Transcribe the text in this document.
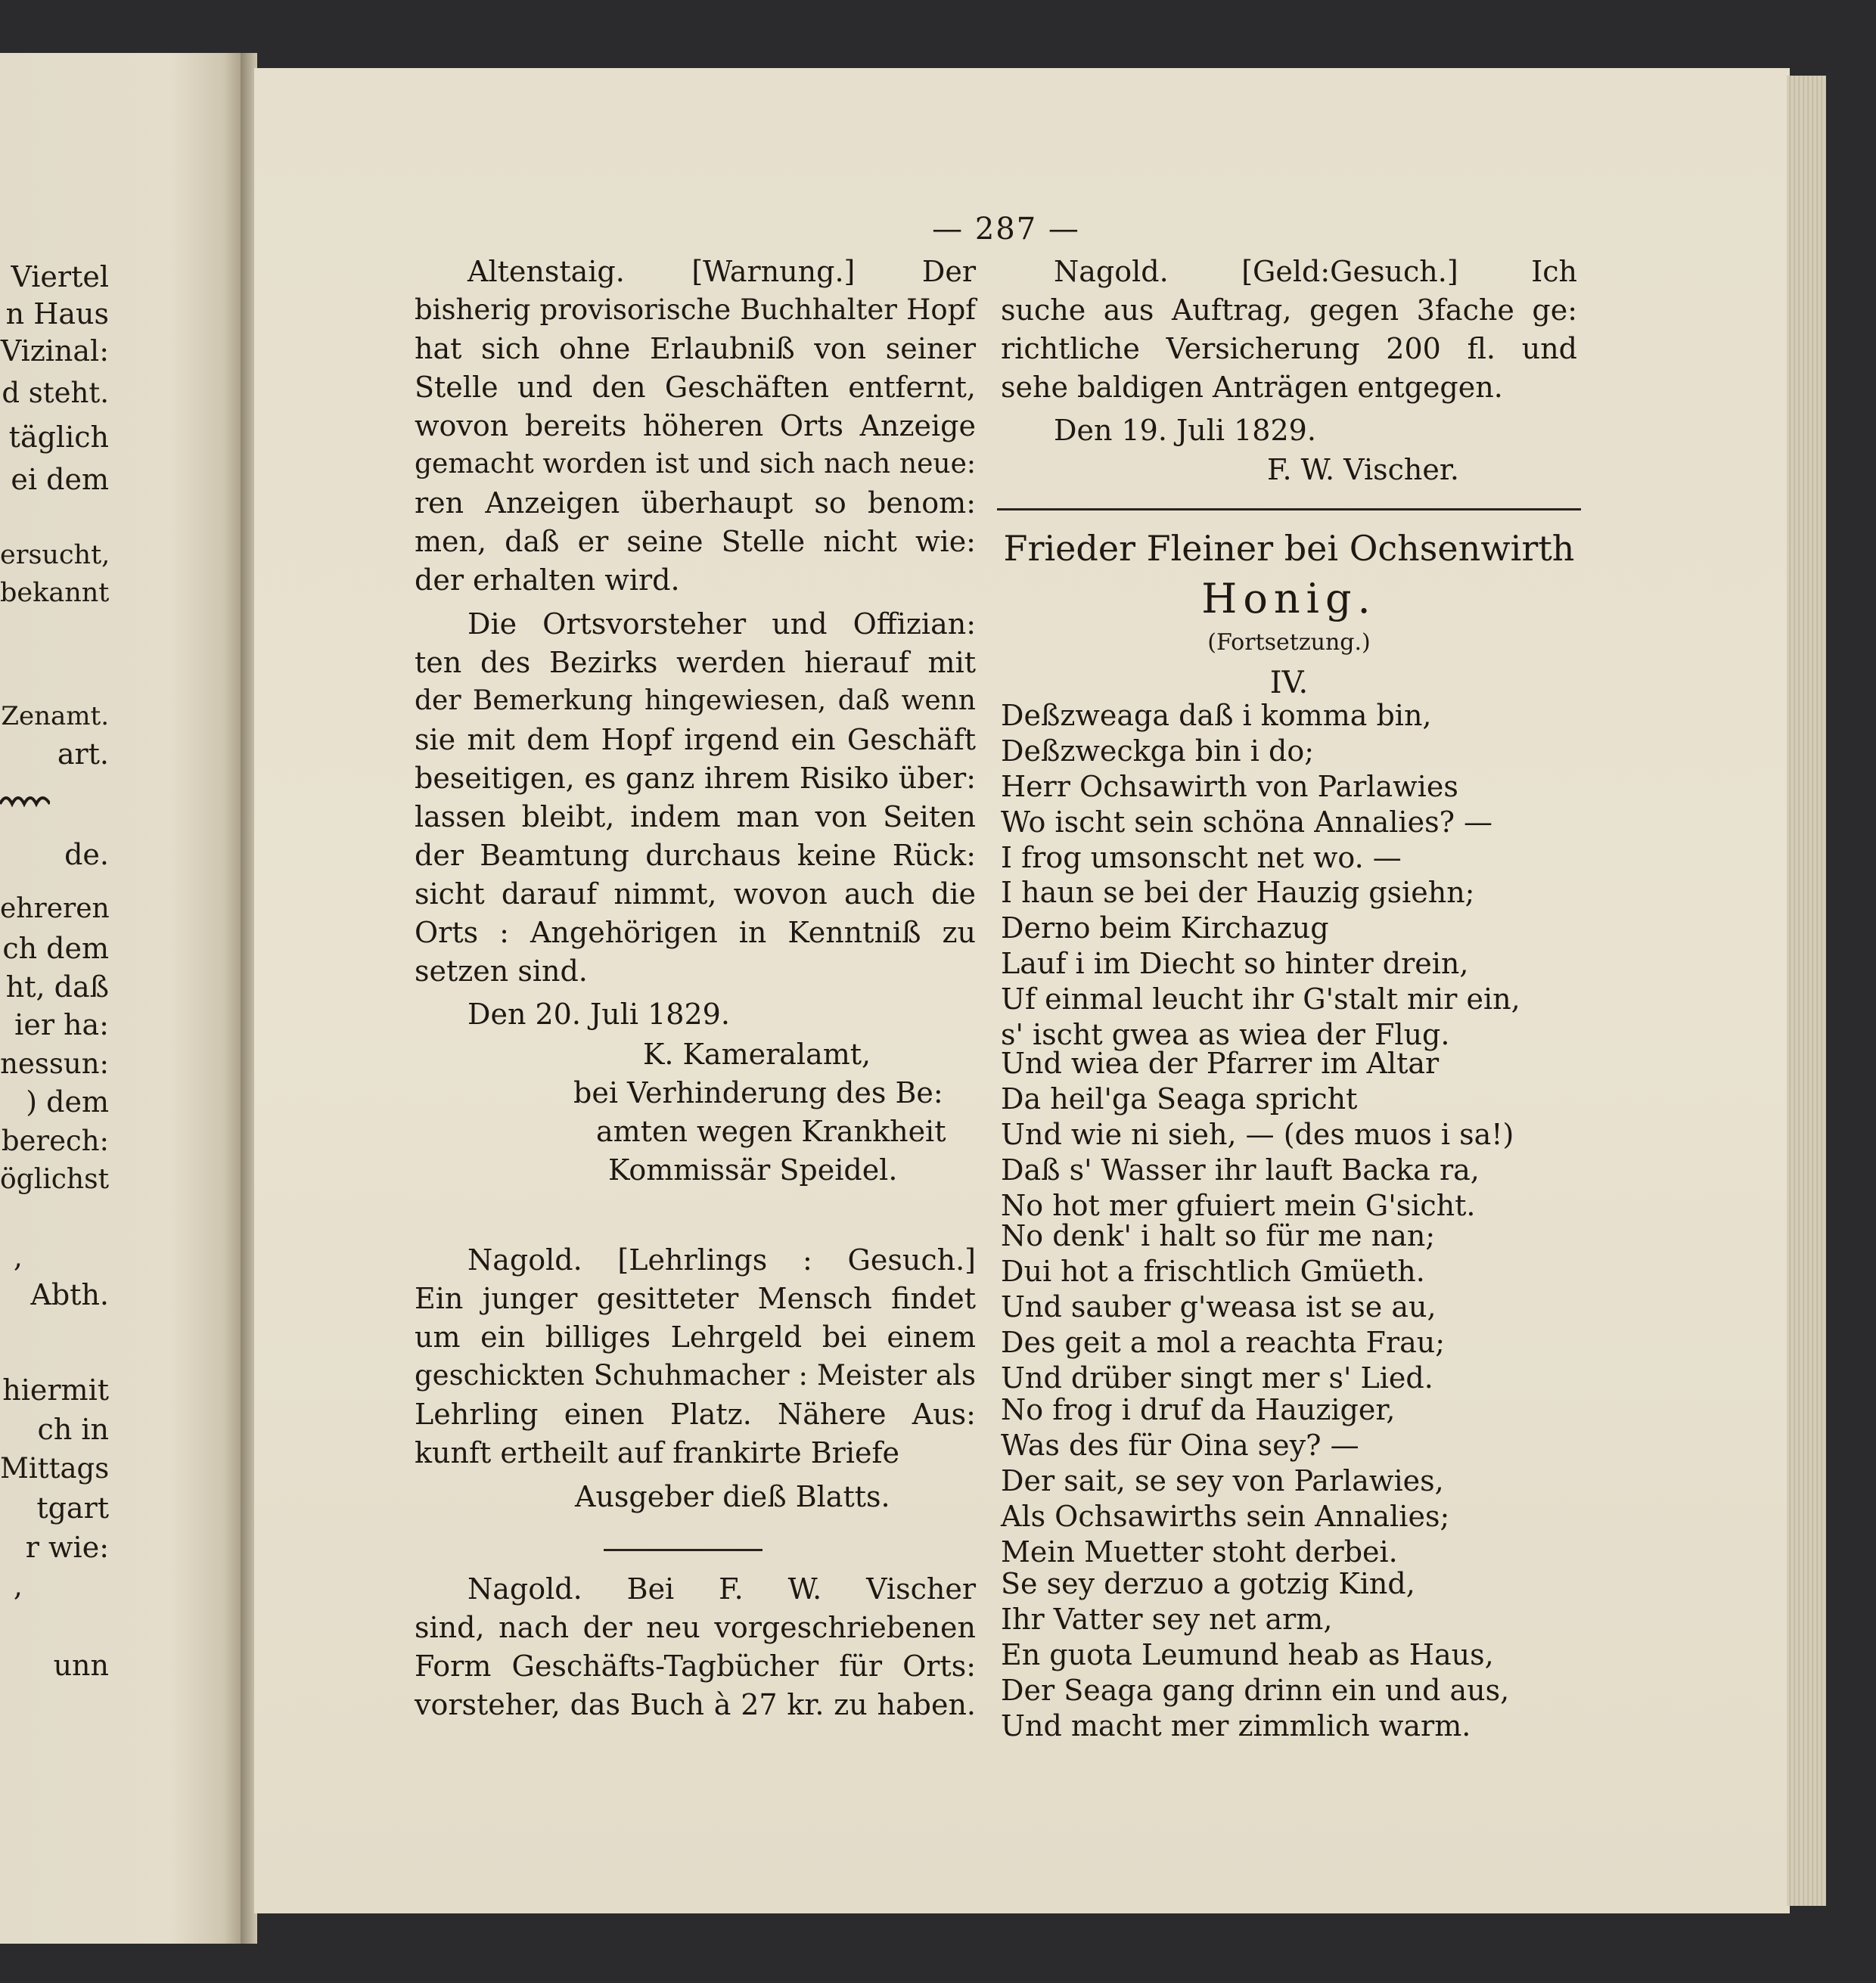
Viertel
n Haus
Vizinal:
d steht.
täglich
ei dem
ersucht,
bekannt
Zenamt.
art.
de.
ehreren
ch dem
ht, daß
ier ha:
nessun:
) dem
berech:
öglichst
,
Abth.
hiermit
ch in
Mittags
tgart
r wie:
,
unn
— 287 —
Altenstaig. [Warnung.] Der
bisherig provisorische Buchhalter Hopf
hat sich ohne Erlaubniß von seiner
Stelle und den Geschäften entfernt,
wovon bereits höheren Orts Anzeige
gemacht worden ist und sich nach neue:
ren Anzeigen überhaupt so benom:
men, daß er seine Stelle nicht wie:
der erhalten wird.
Die Ortsvorsteher und Offizian:
ten des Bezirks werden hierauf mit
der Bemerkung hingewiesen, daß wenn
sie mit dem Hopf irgend ein Geschäft
beseitigen, es ganz ihrem Risiko über:
lassen bleibt, indem man von Seiten
der Beamtung durchaus keine Rück:
sicht darauf nimmt, wovon auch die
Orts : Angehörigen in Kenntniß zu
setzen sind.
Den 20. Juli 1829.
K. Kameralamt,
bei Verhinderung des Be:
amten wegen Krankheit
Kommissär Speidel.
Nagold. [Lehrlings : Gesuch.]
Ein junger gesitteter Mensch findet
um ein billiges Lehrgeld bei einem
geschickten Schuhmacher : Meister als
Lehrling einen Platz. Nähere Aus:
kunft ertheilt auf frankirte Briefe
Ausgeber dieß Blatts.
Nagold. Bei F. W. Vischer
sind, nach der neu vorgeschriebenen
Form Geschäfts-Tagbücher für Orts:
vorsteher, das Buch à 27 kr. zu haben.
Nagold. [Geld:Gesuch.] Ich
suche aus Auftrag, gegen 3fache ge:
richtliche Versicherung 200 fl. und
sehe baldigen Anträgen entgegen.
Den 19. Juli 1829.
F. W. Vischer.
Frieder Fleiner bei Ochsenwirth
Honig.
(Fortsetzung.)
IV.
Deßzweaga daß i komma bin,
Deßzweckga bin i do;
Herr Ochsawirth von Parlawies
Wo ischt sein schöna Annalies? —
I frog umsonscht net wo. —
I haun se bei der Hauzig gsiehn;
Derno beim Kirchazug
Lauf i im Diecht so hinter drein,
Uf einmal leucht ihr G'stalt mir ein,
s' ischt gwea as wiea der Flug.
Und wiea der Pfarrer im Altar
Da heil'ga Seaga spricht
Und wie ni sieh, — (des muos i sa!)
Daß s' Wasser ihr lauft Backa ra,
No hot mer gfuiert mein G'sicht.
No denk' i halt so für me nan;
Dui hot a frischtlich Gmüeth.
Und sauber g'weasa ist se au,
Des geit a mol a reachta Frau;
Und drüber singt mer s' Lied.
No frog i druf da Hauziger,
Was des für Oina sey? —
Der sait, se sey von Parlawies,
Als Ochsawirths sein Annalies;
Mein Muetter stoht derbei.
Se sey derzuo a gotzig Kind,
Ihr Vatter sey net arm,
En guota Leumund heab as Haus,
Der Seaga gang drinn ein und aus,
Und macht mer zimmlich warm.
